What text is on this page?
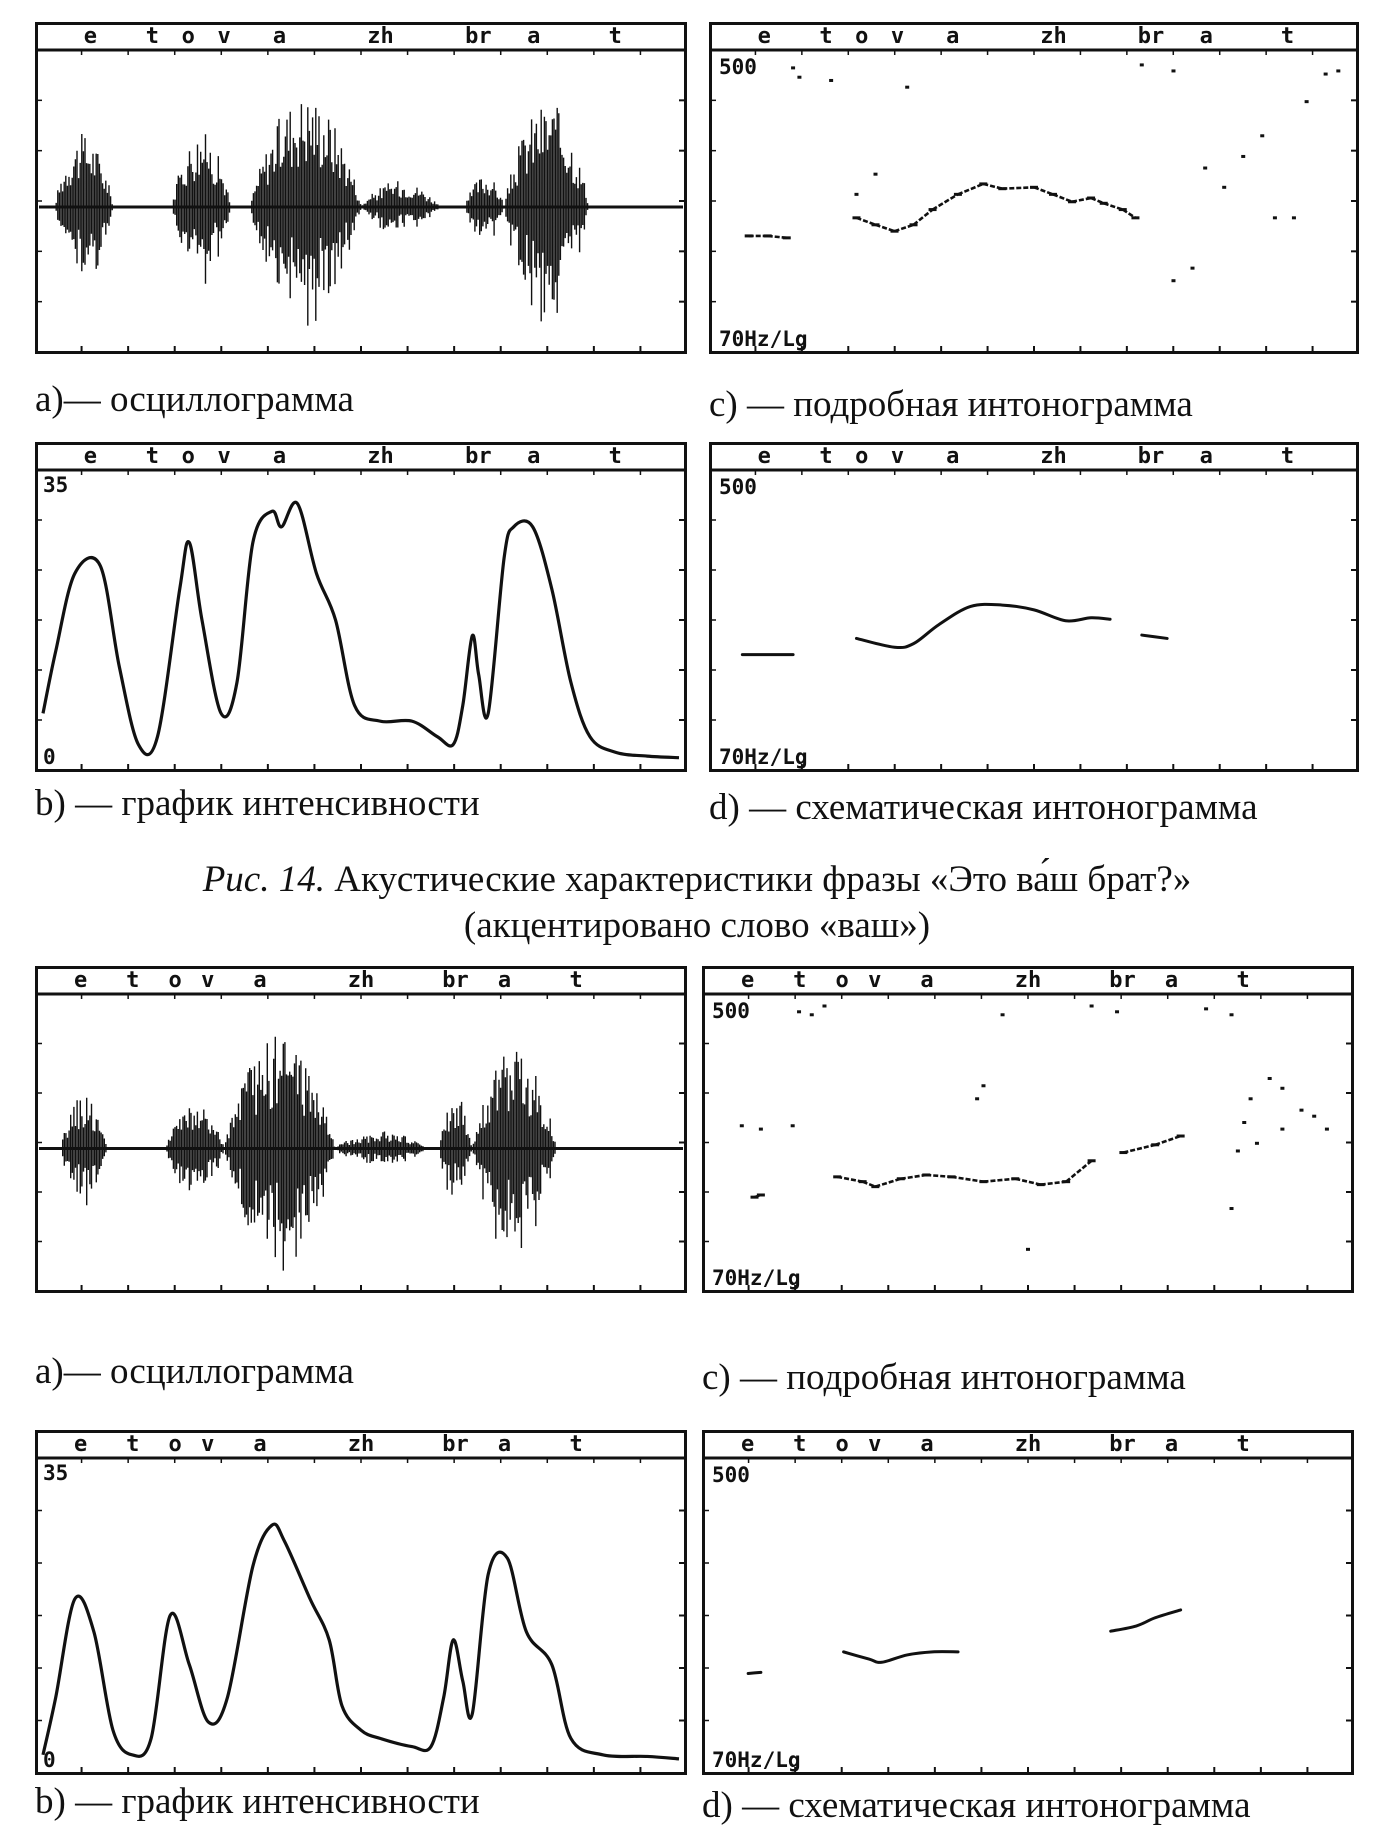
e t o v a	zh	br a	t
a)— осциллограмма
e t o v a	zh	br a	t
500
70Hz/Lg
c) — подробная интонограмма
e t o v a	zh	br a	t
35
0
b) — график интенсивности
e t o v a	zh	br a	t
500
70Hz/Lg
d) — схематическая интонограмма
Рис. 14. Акустические характеристики фразы «Это ва́ш брат?»
(акцентировано слово «ваш»)
e t o v a	zh	br a	t
a)— осциллограмма
e t o v a	zh	br a	t
500
70Hz/Lg
c) — подробная интонограмма
e t o v a	zh	br a	t
35
0
b) — график интенсивности
e t o v a	zh	br a	t
500
70Hz/Lg
d) — схематическая интонограмма
